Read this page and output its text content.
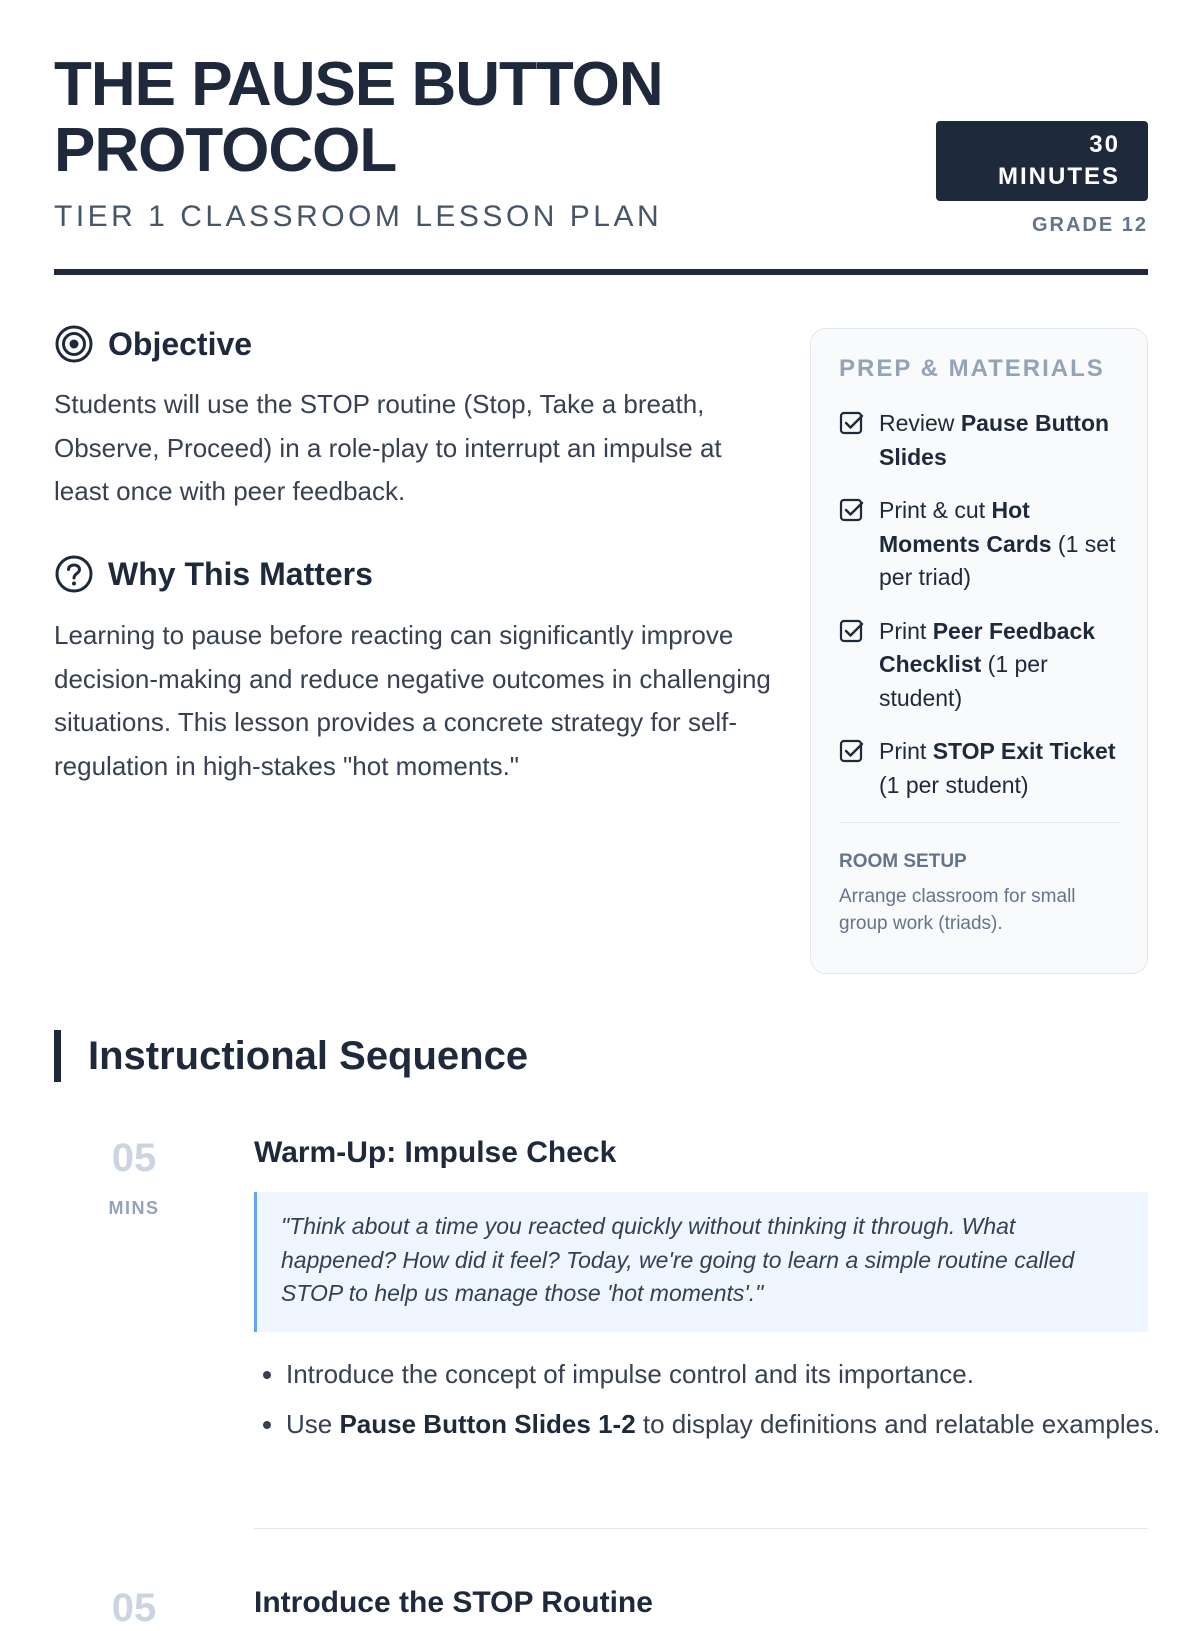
THE PAUSE BUTTON PROTOCOL
TIER 1 CLASSROOM LESSON PLAN
30
MINUTES
GRADE 12
Objective

Students will use the STOP routine (Stop, Take a breath, Observe, Proceed) in a role-play to interrupt an impulse at least once with peer feedback.

Why This Matters

Learning to pause before reacting can significantly improve decision-making and reduce negative outcomes in challenging situations. This lesson provides a concrete strategy for self-regulation in high-stakes "hot moments."

PREP & MATERIALS
Review Pause Button Slides
Print & cut Hot Moments Cards (1 set per triad)
Print Peer Feedback Checklist (1 per student)
Print STOP Exit Ticket (1 per student)
ROOM SETUP

Arrange classroom for small group work (triads).

Instructional Sequence
05
MINS
Warm-Up: Impulse Check

"Think about a time you reacted quickly without thinking it through. What happened? How did it feel? Today, we're going to learn a simple routine called STOP to help us manage those 'hot moments'."

• Introduce the concept of impulse control and its importance.
• Use Pause Button Slides 1-2 to display definitions and relatable examples.
05	Introduce the STOP Routine
